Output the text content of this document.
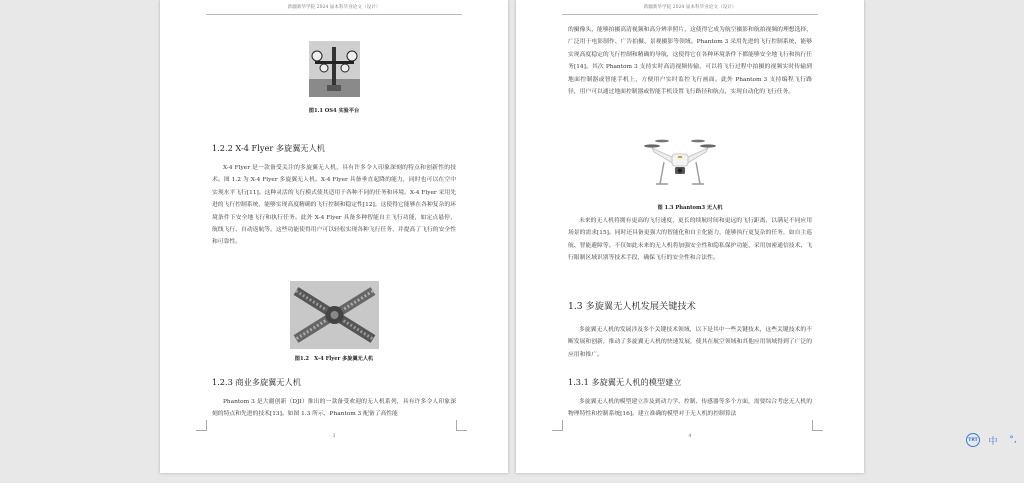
新疆新华学院 2024 届本科毕业论文（设计）
图1.1 OS4 实验平台

1.2.2 X-4 Flyer 多旋翼无人机

X-4 Flyer 是一款备受关注的多旋翼无人机，具有许多令人印象深刻的特点和创新性的技术。图 1.2 为 X-4 Flyer 多旋翼无人机。X-4 Flyer 具备垂直起降的能力，同时也可以在空中实现水平飞行[11]。这种灵活的飞行模式使其适用于各种不同的任务和环境。X-4 Flyer 采用先进的飞行控制系统，能够实现高度精确的飞行控制和稳定性[12]。这使得它能够在各种复杂的环境条件下安全地飞行和执行任务。此外 X-4 Flyer 具备多种智能自主飞行功能，如定点悬停、航线飞行、自动返航等。这些功能使得用户可以轻松实现各种飞行任务，并提高了飞行的安全性和可靠性。

图1.2　X-4 Flyer 多旋翼无人机

1.2.3 商业多旋翼无人机

Phantom 3 是大疆创新（DJI）推出的一款备受欢迎的无人机系列，具有许多令人印象深刻的特点和先进的技术[13]。如图 1.3 所示，Phantom 3 配备了高性能

3
新疆新华学院 2024 届本科毕业论文（设计）

的摄像头，能够拍摄高清视频和高分辨率照片，这使得它成为航空摄影和航拍视频的理想选择，广泛用于电影制作、广告拍摄、景观摄影等领域。Phantom 3 采用先进的飞行控制系统，能够实现高度稳定的飞行控制和精确的导航，这使得它在各种环境条件下都能够安全地飞行和执行任务[14]。其次 Phantom 3 支持实时高清视频传输，可以将飞行过程中拍摄的视频实时传输到地面控制器或智能手机上，方便用户实时监控飞行画面。此外 Phantom 3 支持编程飞行路径，用户可以通过地面控制器或智能手机设置飞行路径和航点，实现自动化的飞行任务。

图 1.3 Phantom3 无人机

未来的无人机将拥有更高的飞行速度，更长的续航时间和更远的飞行距离，以满足不同应用场景的需求[15]。同时还具备更强大的智能化和自主化能力，能够执行更复杂的任务，如自主巡航、智能避障等。不仅如此未来的无人机将加强安全性和隐私保护功能，采用加密通信技术、飞行限制区域识别等技术手段，确保飞行的安全性和合法性。

1.3 多旋翼无人机发展关键技术

多旋翼无人机的发展涉及多个关键技术领域，以下是其中一些关键技术，这些关键技术的不断发展和创新，推动了多旋翼无人机的快速发展，使其在航空领域和其他应用领域得到了广泛的应用和推广。

1.3.1 多旋翼无人机的模型建立

多旋翼无人机的模型建立涉及到动力学、控制、传感器等多个方面，需要综合考虑无人机的物理特性和控制系统[16]。建立准确的模型对于无人机的控制算法

4
TRT 中	°,
